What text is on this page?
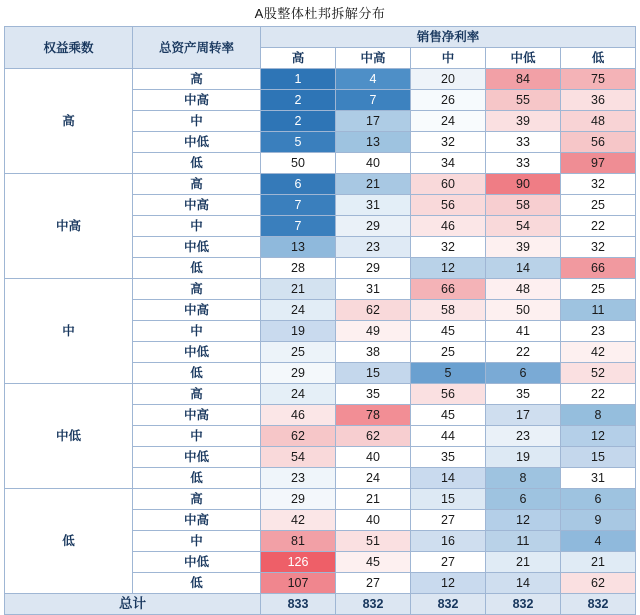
A股整体杜邦拆解分布
权益乘数	总资产周转率	销售净利率				
		高	中高	中	中低	低
高	高	1	4	20	84	75
	中高	2	7	26	55	36
	中	2	17	24	39	48
	中低	5	13	32	33	56
	低	50	40	34	33	97
中高	高	6	21	60	90	32
	中高	7	31	56	58	25
	中	7	29	46	54	22
	中低	13	23	32	39	32
	低	28	29	12	14	66
中	高	21	31	66	48	25
	中高	24	62	58	50	11
	中	19	49	45	41	23
	中低	25	38	25	22	42
	低	29	15	5	6	52
中低	高	24	35	56	35	22
	中高	46	78	45	17	8
	中	62	62	44	23	12
	中低	54	40	35	19	15
	低	23	24	14	8	31
低	高	29	21	15	6	6
	中高	42	40	27	12	9
	中	81	51	16	11	4
	中低	126	45	27	21	21
	低	107	27	12	14	62
总计		833	832	832	832	832
